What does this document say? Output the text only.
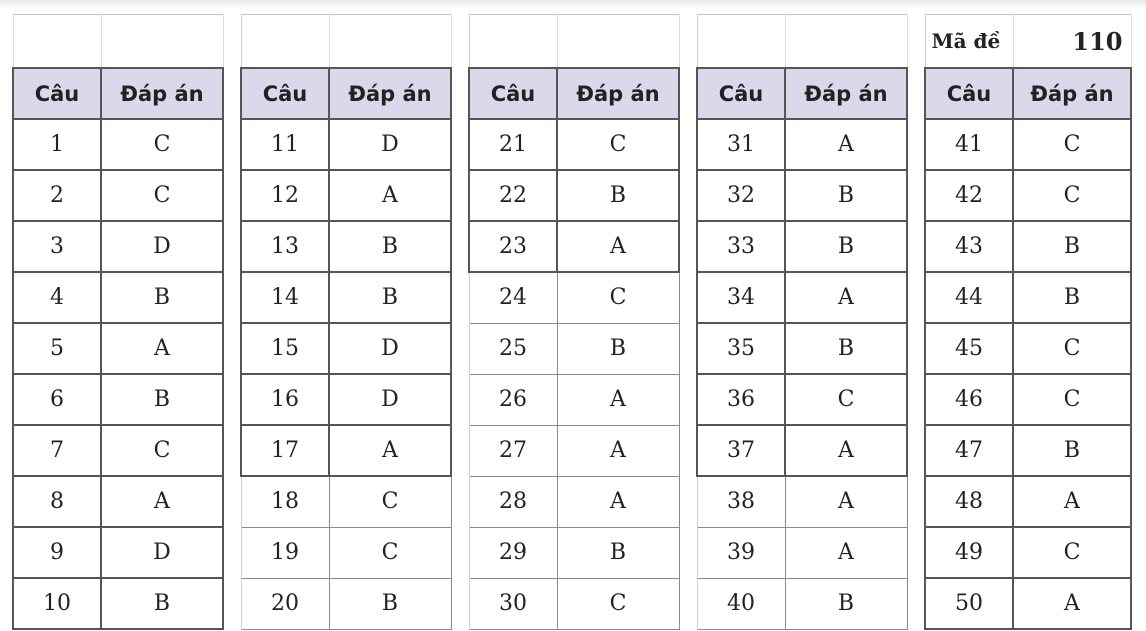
												Mã đề	110
Câu	Đáp án		Câu	Đáp án		Câu	Đáp án		Câu	Đáp án		Câu	Đáp án
1	C		11	D		21	C		31	A		41	C
2	C		12	A		22	B		32	B		42	C
3	D		13	B		23	A		33	B		43	B
4	B		14	B		24	C		34	A		44	B
5	A		15	D		25	B		35	B		45	C
6	B		16	D		26	A		36	C		46	C
7	C		17	A		27	A		37	A		47	B
8	A		18	C		28	A		38	A		48	A
9	D		19	C		29	B		39	A		49	C
10	B		20	B		30	C		40	B		50	A
